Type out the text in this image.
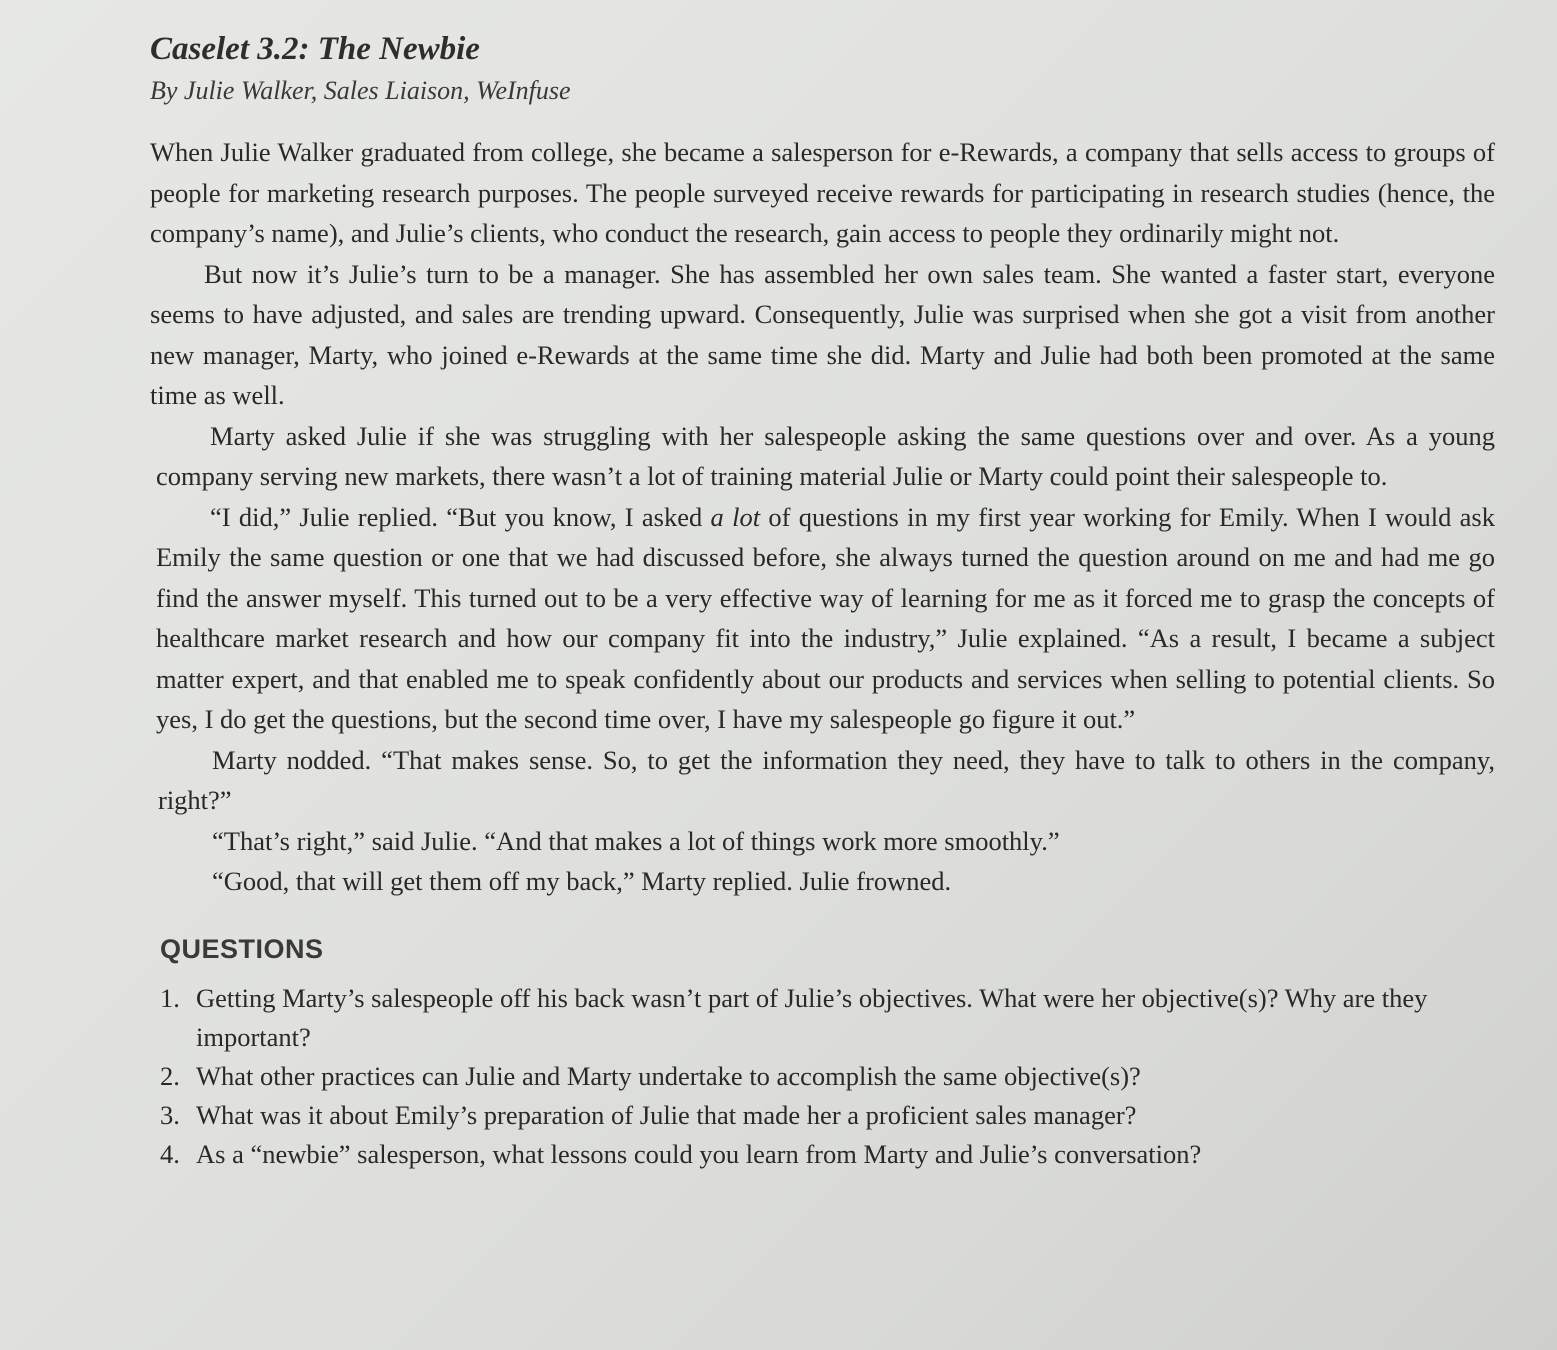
Caselet 3.2: The Newbie

By Julie Walker, Sales Liaison, WeInfuse

When Julie Walker graduated from college, she became a salesperson for e-Rewards, a company that sells access to groups of people for marketing research purposes. The people surveyed receive rewards for participating in research studies (hence, the company’s name), and Julie’s clients, who conduct the research, gain access to people they ordinarily might not.

But now it’s Julie’s turn to be a manager. She has assembled her own sales team. She wanted a faster start, everyone seems to have adjusted, and sales are trending upward. Consequently, Julie was surprised when she got a visit from another new manager, Marty, who joined e-Rewards at the same time she did. Marty and Julie had both been promoted at the same time as well.

Marty asked Julie if she was struggling with her salespeople asking the same questions over and over. As a young company serving new markets, there wasn’t a lot of training material Julie or Marty could point their salespeople to.

“I did,” Julie replied. “But you know, I asked a lot of questions in my first year working for Emily. When I would ask Emily the same question or one that we had discussed before, she always turned the question around on me and had me go find the answer myself. This turned out to be a very effective way of learning for me as it forced me to grasp the concepts of healthcare market research and how our company fit into the industry,” Julie explained. “As a result, I became a subject matter expert, and that enabled me to speak confidently about our products and services when selling to potential clients. So yes, I do get the questions, but the second time over, I have my salespeople go figure it out.”

Marty nodded. “That makes sense. So, to get the information they need, they have to talk to others in the company, right?”

“That’s right,” said Julie. “And that makes a lot of things work more smoothly.”

“Good, that will get them off my back,” Marty replied. Julie frowned.

QUESTIONS
1. Getting Marty’s salespeople off his back wasn’t part of Julie’s objectives. What were her objective(s)? Why are they important?
2. What other practices can Julie and Marty undertake to accomplish the same objective(s)?
3. What was it about Emily’s preparation of Julie that made her a proficient sales manager?
4. As a “newbie” salesperson, what lessons could you learn from Marty and Julie’s conversation?
